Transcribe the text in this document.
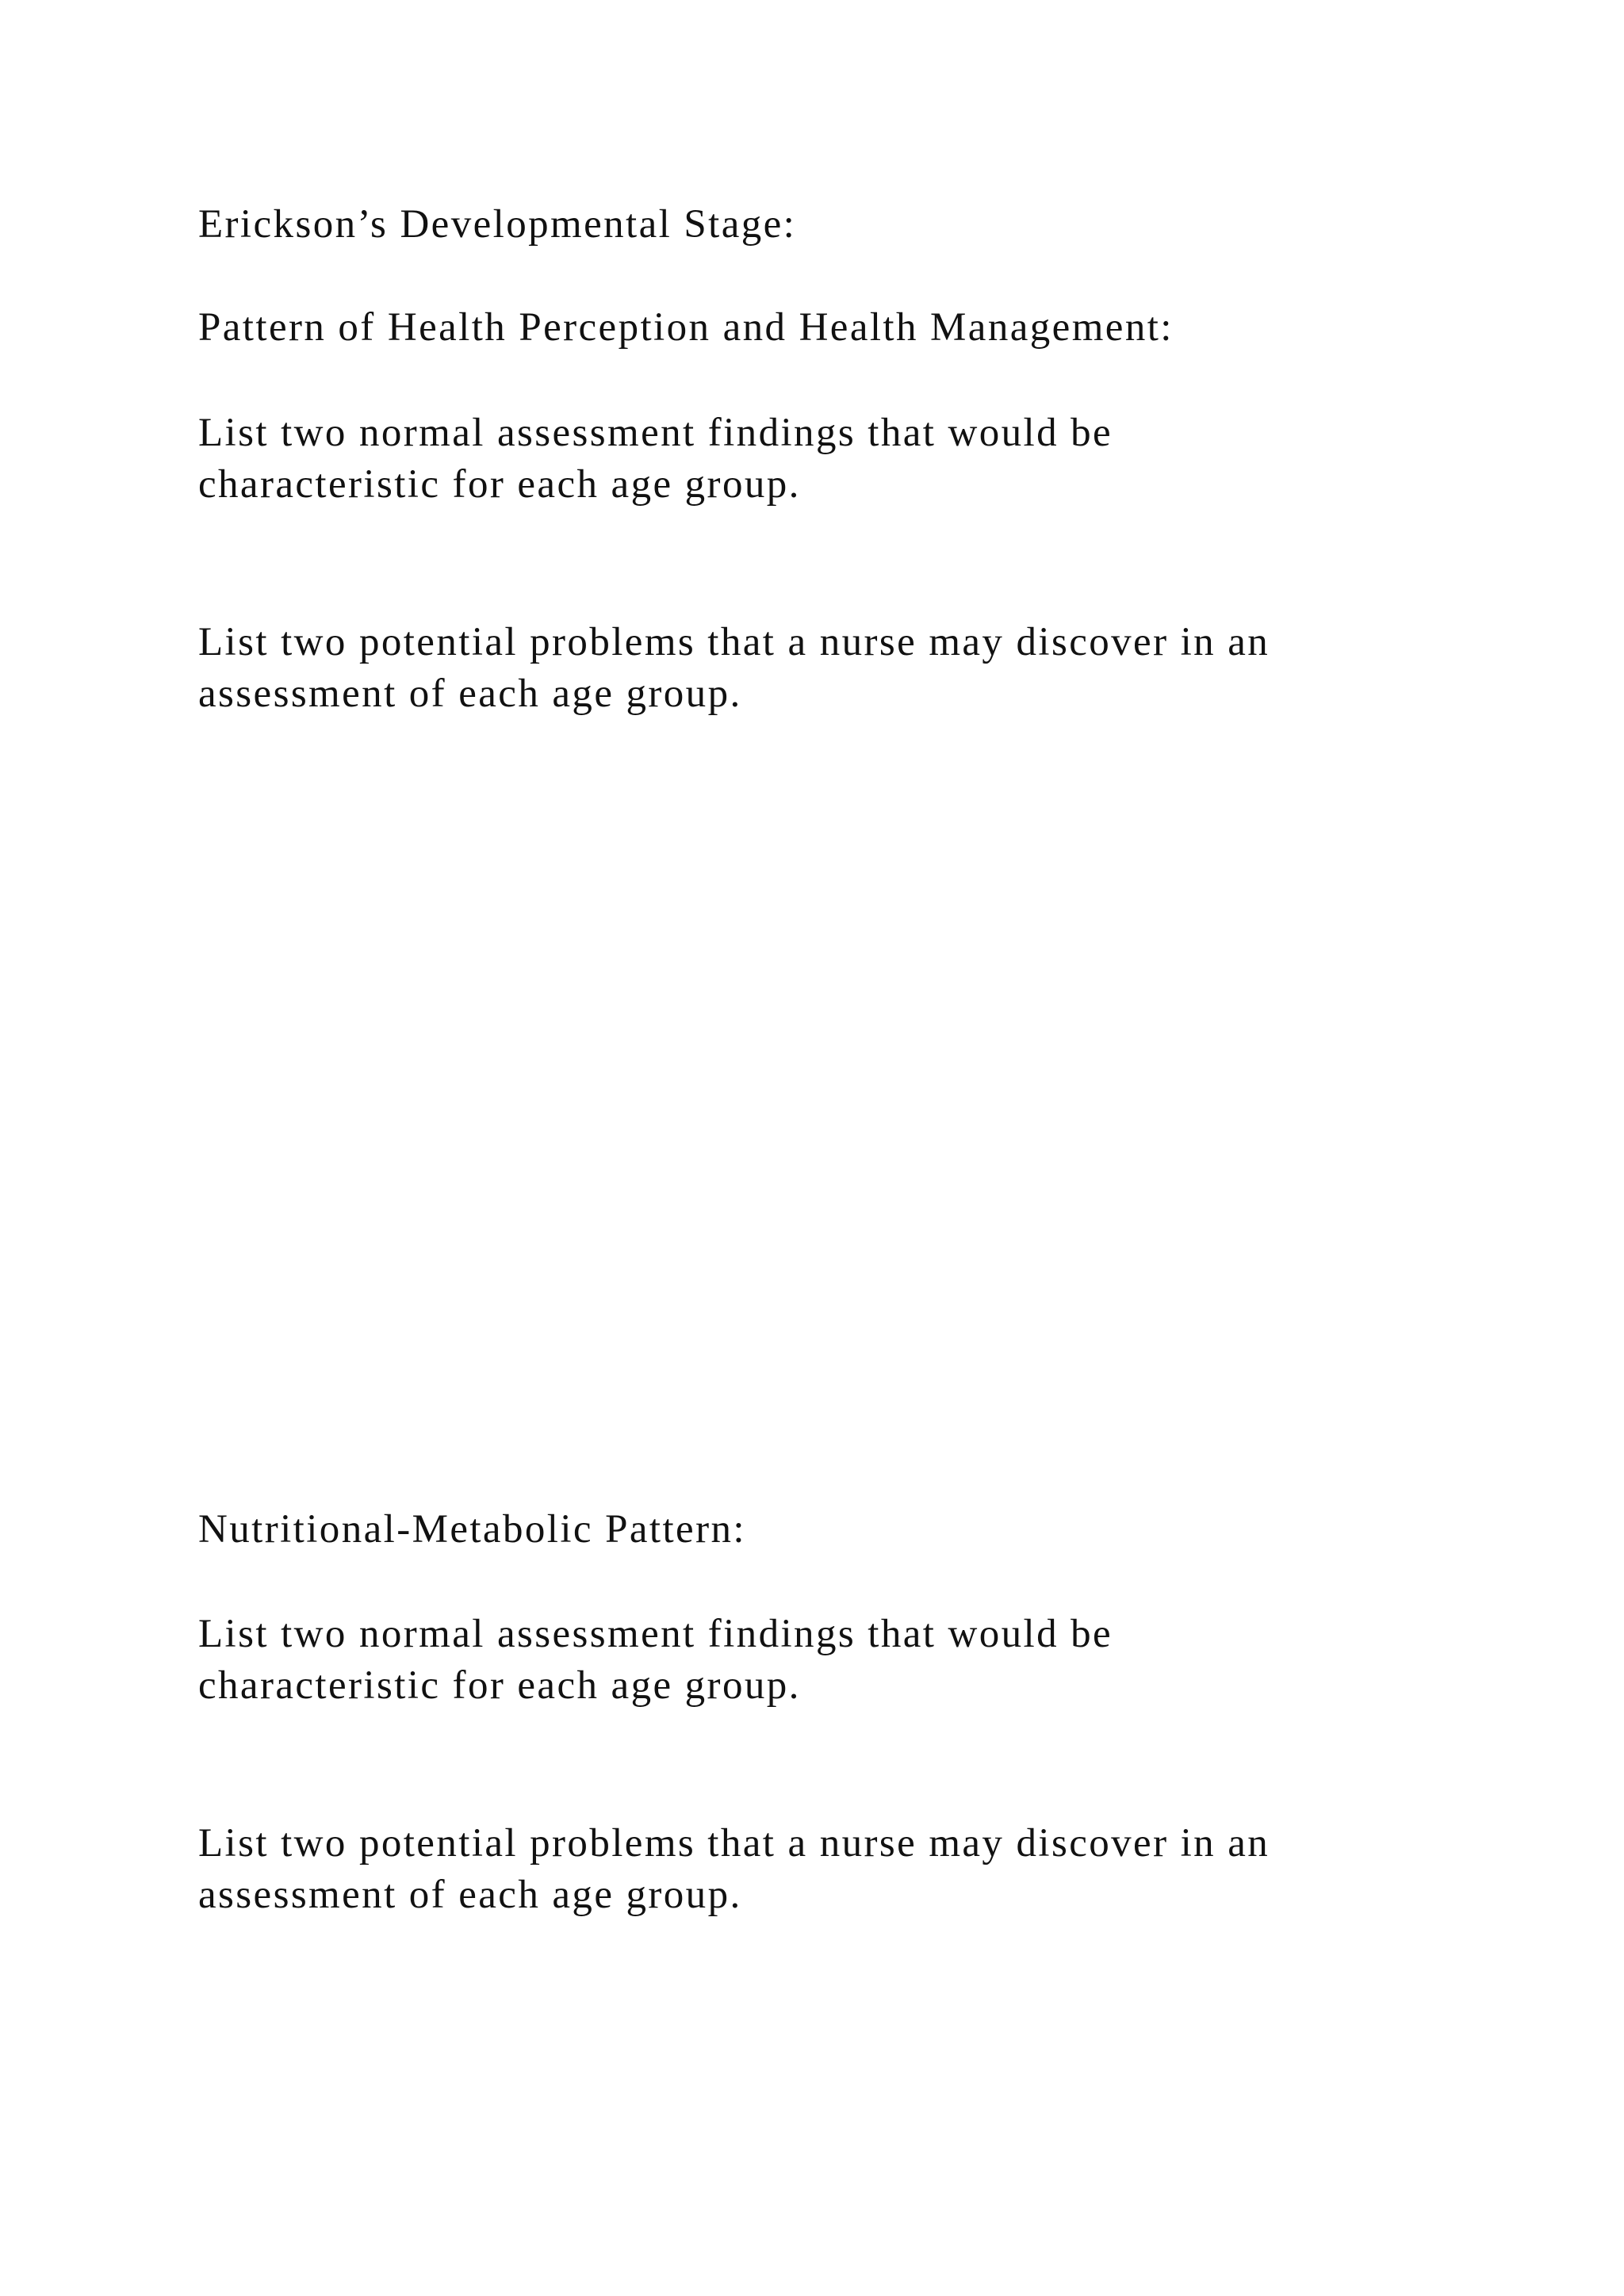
Erickson’s Developmental Stage:

Pattern of Health Perception and Health Management:

List two normal assessment findings that would be

characteristic for each age group.

List two potential problems that a nurse may discover in an

assessment of each age group.

Nutritional-Metabolic Pattern:

List two normal assessment findings that would be

characteristic for each age group.

List two potential problems that a nurse may discover in an

assessment of each age group.
